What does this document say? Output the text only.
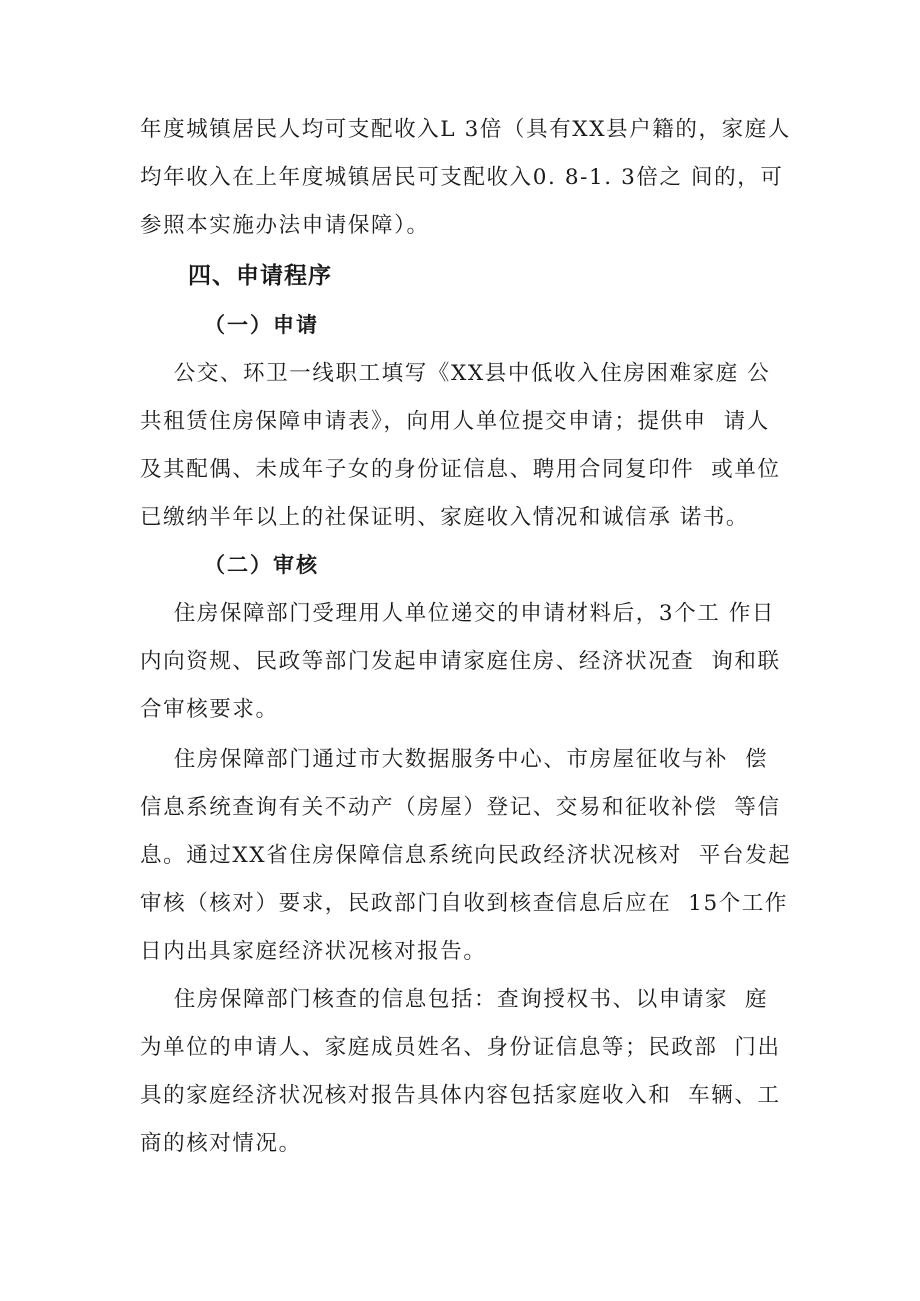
年度城镇居民人均可支配收入L 3倍（具有XX县户籍的，家庭人
均年收入在上年度城镇居民可支配收入0. 8-1. 3倍之 间的，可
参照本实施办法申请保障）。
四、申请程序
（一）申请
公交、环卫一线职工填写《XX县中低收入住房困难家庭 公
共租赁住房保障申请表》，向用人单位提交申请；提供申  请人
及其配偶、未成年子女的身份证信息、聘用合同复印件  或单位
已缴纳半年以上的社保证明、家庭收入情况和诚信承 诺书。
（二）审核
住房保障部门受理用人单位递交的申请材料后，3个工 作日
内向资规、民政等部门发起申请家庭住房、经济状况查  询和联
合审核要求。
住房保障部门通过市大数据服务中心、市房屋征收与补  偿
信息系统查询有关不动产（房屋）登记、交易和征收补偿  等信
息。通过XX省住房保障信息系统向民政经济状况核对  平台发起
审核（核对）要求，民政部门自收到核查信息后应在  15个工作
日内出具家庭经济状况核对报告。
住房保障部门核查的信息包括：查询授权书、以申请家  庭
为单位的申请人、家庭成员姓名、身份证信息等；民政部  门出
具的家庭经济状况核对报告具体内容包括家庭收入和  车辆、工
商的核对情况。
